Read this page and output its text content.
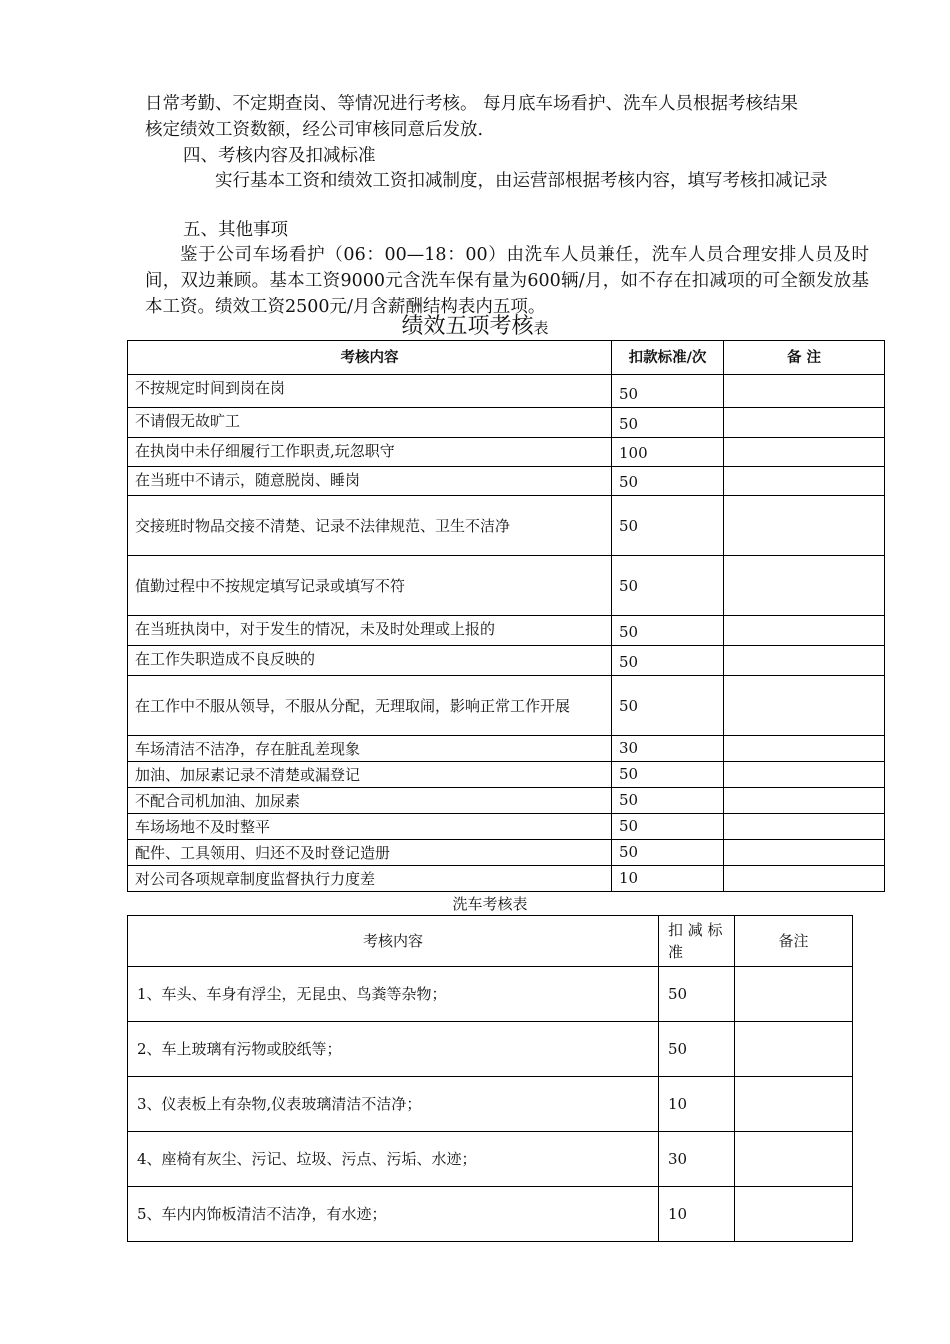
日常考勤、不定期查岗、等情况进行考核。 每月底车场看护、洗车人员根据考核结果

核定绩效工资数额，经公司审核同意后发放.

四、考核内容及扣减标准

实行基本工资和绩效工资扣减制度，由运营部根据考核内容，填写考核扣减记录

五、其他事项

鉴于公司车场看护（06：00—18：00）由洗车人员兼任，洗车人员合理安排人员及时间，双边兼顾。基本工资9000元含洗车保有量为600辆/月，如不存在扣减项的可全额发放基本工资。绩效工资2500元/月含薪酬结构表内五项。

绩效五项考核表
考核内容	扣款标准/次	备 注
不按规定时间到岗在岗	50	
不请假无故旷工	50	
在执岗中未仔细履行工作职责,玩忽职守	100	
在当班中不请示，随意脱岗、睡岗	50	
交接班时物品交接不清楚、记录不法律规范、卫生不洁净	50	
值勤过程中不按规定填写记录或填写不符	50	
在当班执岗中，对于发生的情况，未及时处理或上报的	50	
在工作失职造成不良反映的	50	
在工作中不服从领导，不服从分配，无理取闹，影响正常工作开展	50	
车场清洁不洁净，存在脏乱差现象	30	
加油、加尿素记录不清楚或漏登记	50	
不配合司机加油、加尿素	50	
车场场地不及时整平	50	
配件、工具领用、归还不及时登记造册	50	
对公司各项规章制度监督执行力度差	10	
洗车考核表
考核内容	扣 减 标 准	备注
1、车头、车身有浮尘，无昆虫、鸟粪等杂物；	50	
2、车上玻璃有污物或胶纸等；	50	
3、仪表板上有杂物,仪表玻璃清洁不洁净；	10	
4、座椅有灰尘、污记、垃圾、污点、污垢、水迹；	30	
5、车内内饰板清洁不洁净，有水迹；	10	
